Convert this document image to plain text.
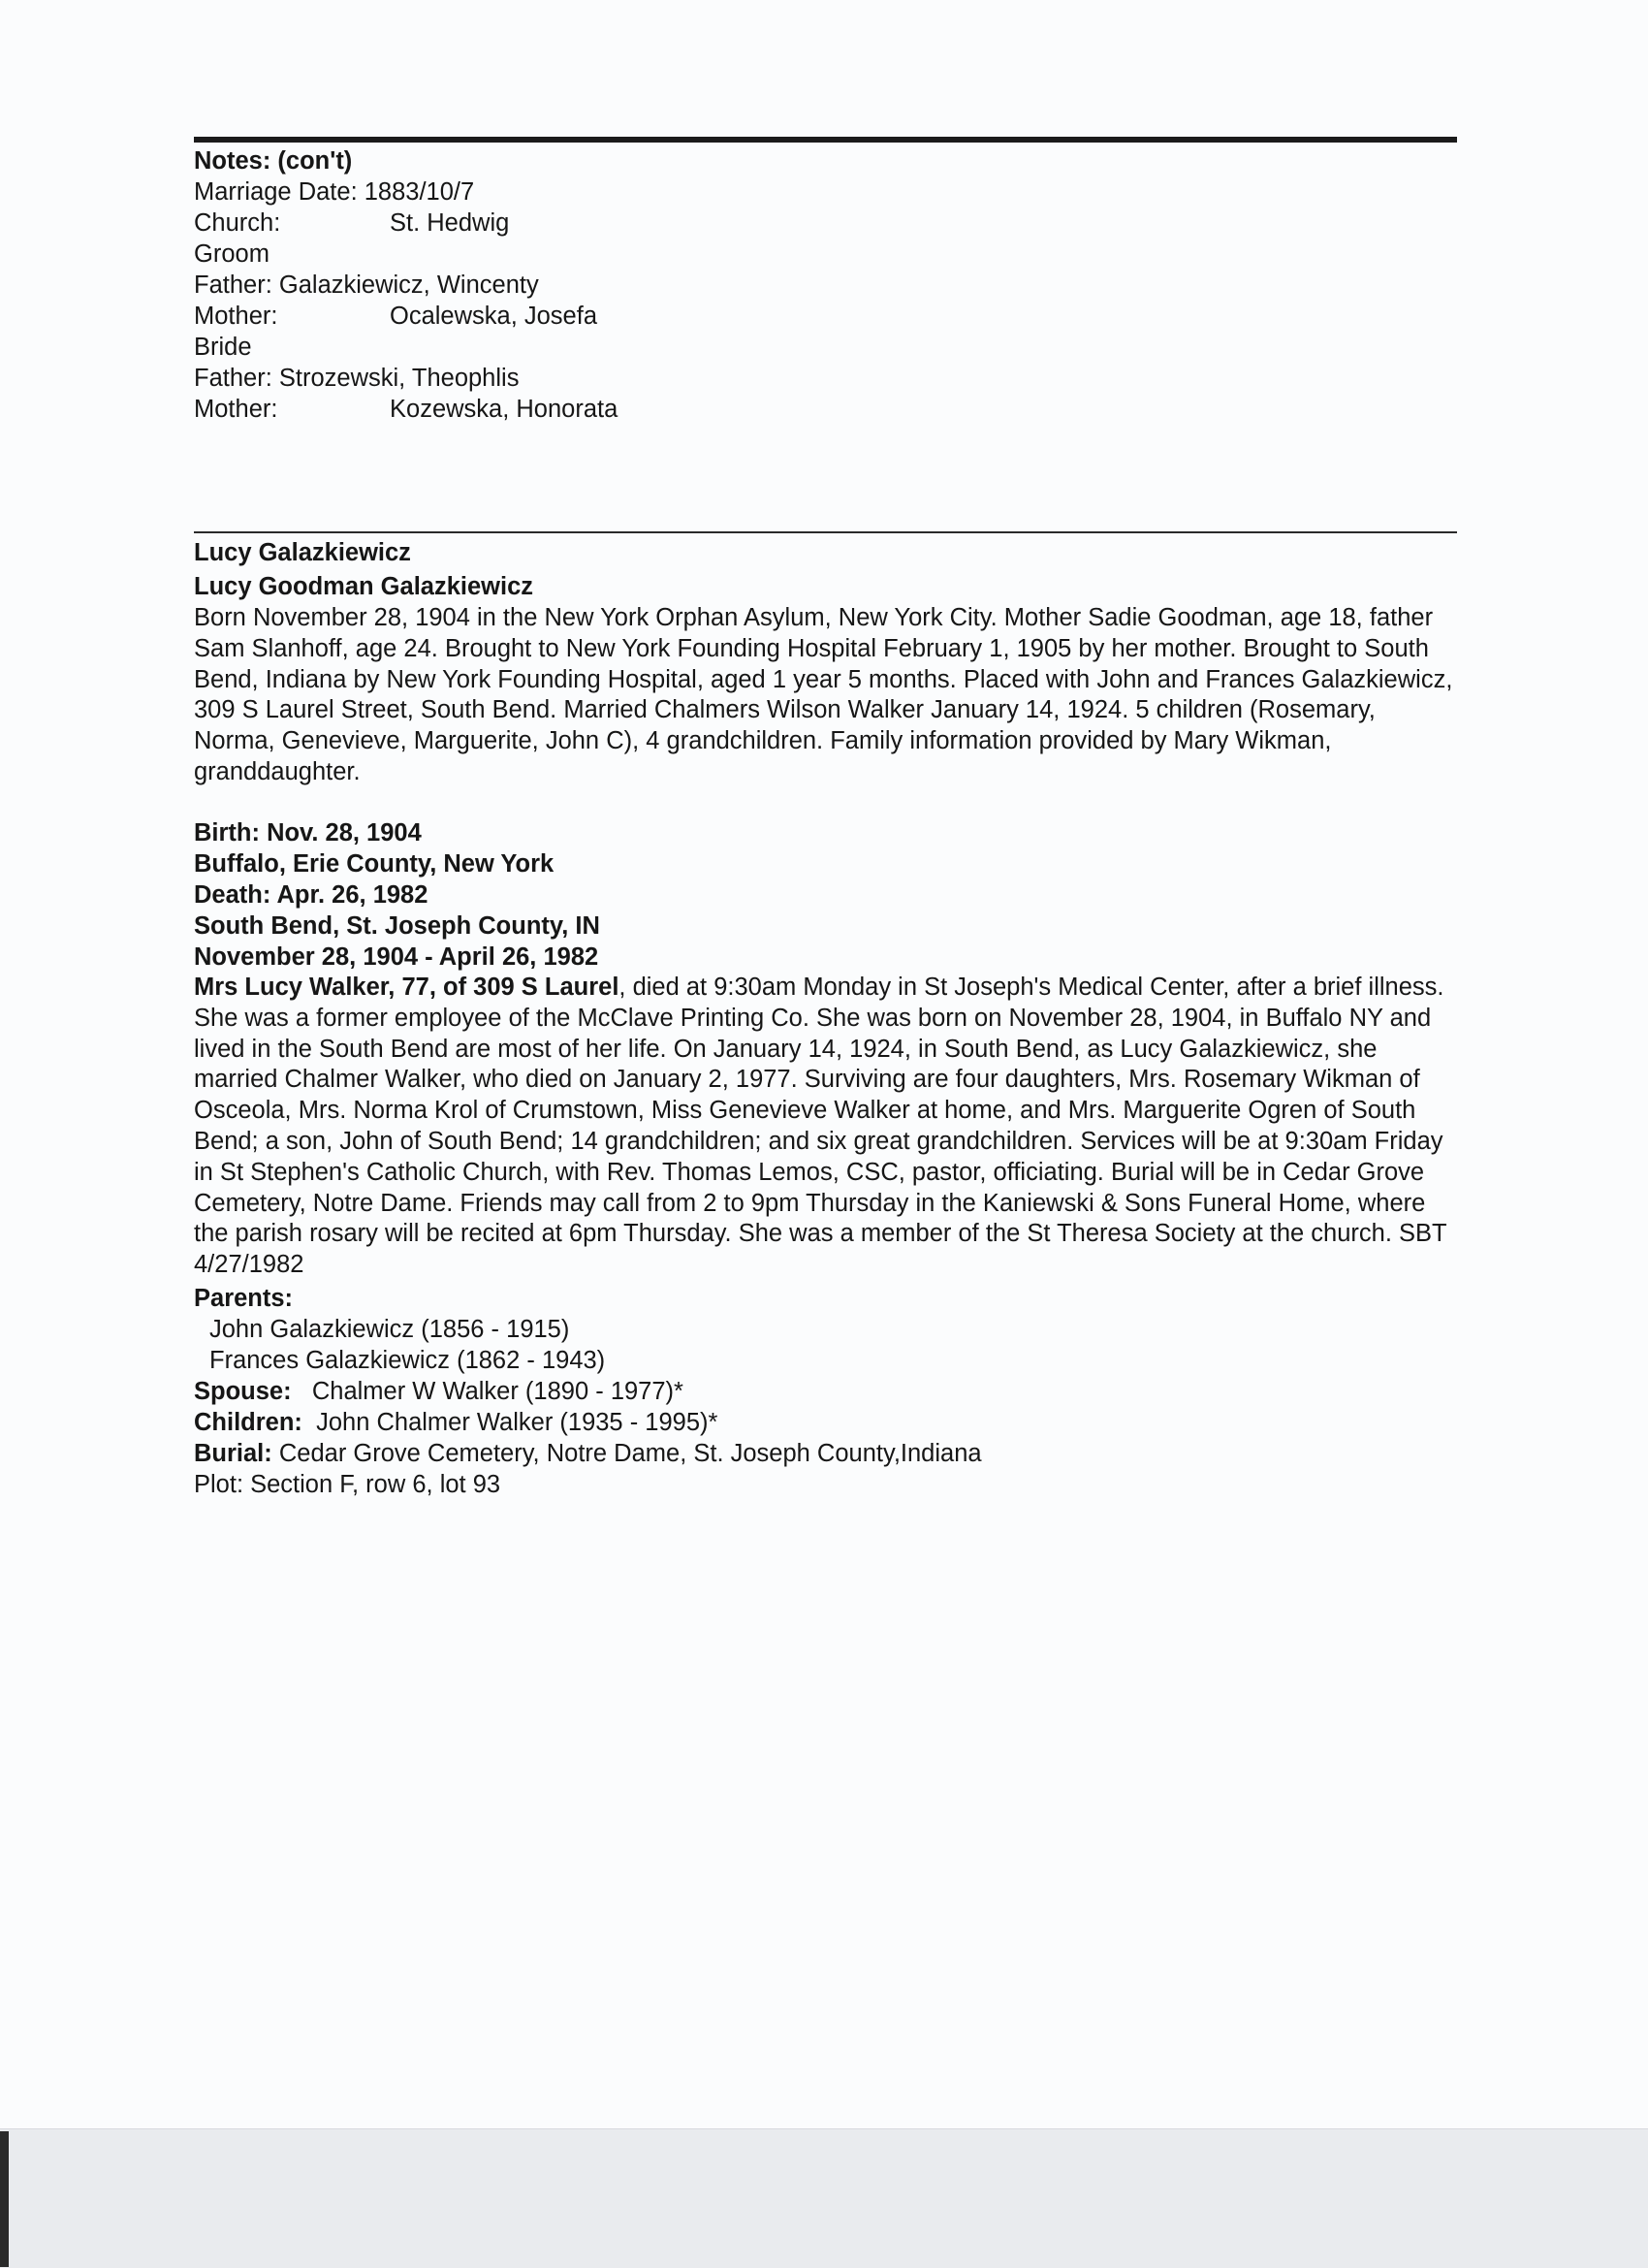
Notes: (con't)
Marriage Date: 1883/10/7
Church:	St. Hedwig
Groom
Father: Galazkiewicz, Wincenty
Mother:	Ocalewska, Josefa
Bride
Father: Strozewski, Theophlis
Mother:	Kozewska, Honorata
Lucy Galazkiewicz
Lucy Goodman Galazkiewicz
Born November 28, 1904 in the New York Orphan Asylum, New York City. Mother Sadie Goodman, age 18, father Sam Slanhoff, age 24. Brought to New York Founding Hospital February 1, 1905 by her mother. Brought to South Bend, Indiana by New York Founding Hospital, aged 1 year 5 months. Placed with John and Frances Galazkiewicz, 309 S Laurel Street, South Bend. Married Chalmers Wilson Walker January 14, 1924. 5 children (Rosemary, Norma, Genevieve, Marguerite, John C), 4 grandchildren. Family information provided by Mary Wikman, granddaughter.
Birth: Nov. 28, 1904
Buffalo, Erie County, New York
Death: Apr. 26, 1982
South Bend, St. Joseph County, IN
November 28, 1904 - April 26, 1982
Mrs Lucy Walker, 77, of 309 S Laurel, died at 9:30am Monday in St Joseph's Medical Center, after a brief illness. She was a former employee of the McClave Printing Co. She was born on November 28, 1904, in Buffalo NY and lived in the South Bend are most of her life. On January 14, 1924, in South Bend, as Lucy Galazkiewicz, she married Chalmer Walker, who died on January 2, 1977. Surviving are four daughters, Mrs. Rosemary Wikman of Osceola, Mrs. Norma Krol of Crumstown, Miss Genevieve Walker at home, and Mrs. Marguerite Ogren of South Bend; a son, John of South Bend; 14 grandchildren; and six great grandchildren. Services will be at 9:30am Friday in St Stephen's Catholic Church, with Rev. Thomas Lemos, CSC, pastor, officiating. Burial will be in Cedar Grove Cemetery, Notre Dame. Friends may call from 2 to 9pm Thursday in the Kaniewski & Sons Funeral Home, where the parish rosary will be recited at 6pm Thursday. She was a member of the St Theresa Society at the church. SBT 4/27/1982
Parents:
John Galazkiewicz (1856 - 1915)
Frances Galazkiewicz (1862 - 1943)
Spouse: Chalmer W Walker (1890 - 1977)*
Children: John Chalmer Walker (1935 - 1995)*
Burial: Cedar Grove Cemetery, Notre Dame, St. Joseph County,Indiana
Plot: Section F, row 6, lot 93
